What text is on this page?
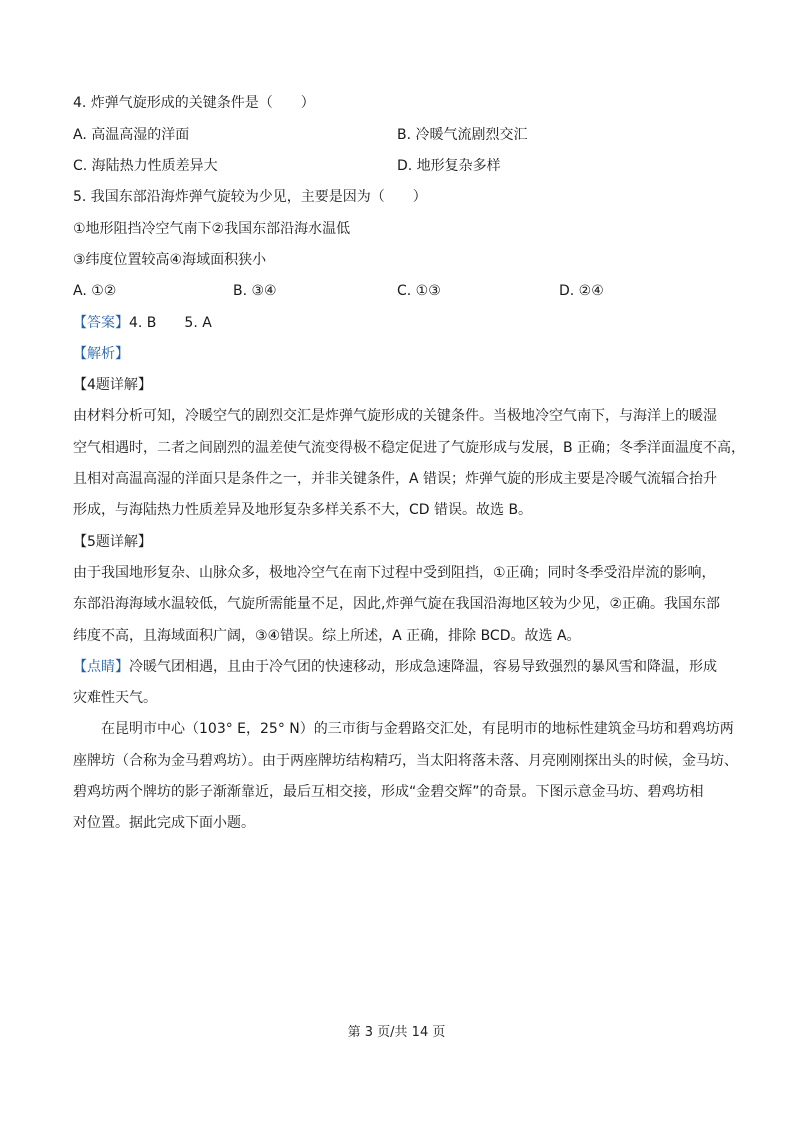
4. 炸弹气旋形成的关键条件是（　　）
A. 高温高湿的洋面	B. 冷暖气流剧烈交汇
C. 海陆热力性质差异大	D. 地形复杂多样
5. 我国东部沿海炸弹气旋较为少见，主要是因为（　　）
①地形阻挡冷空气南下②我国东部沿海水温低
③纬度位置较高④海域面积狭小
A. ①②	B. ③④	C. ①③	D. ②④
【答案】4. B　　5. A
【解析】
【4题详解】
由材料分析可知，冷暖空气的剧烈交汇是炸弹气旋形成的关键条件。当极地冷空气南下，与海洋上的暖湿
空气相遇时，二者之间剧烈的温差使气流变得极不稳定促进了气旋形成与发展，B 正确；冬季洋面温度不高，
且相对高温高湿的洋面只是条件之一，并非关键条件，A 错误；炸弹气旋的形成主要是冷暖气流辐合抬升
形成，与海陆热力性质差异及地形复杂多样关系不大，CD 错误。故选 B。
【5题详解】
由于我国地形复杂、山脉众多，极地冷空气在南下过程中受到阻挡，①正确；同时冬季受沿岸流的影响，
东部沿海海域水温较低，气旋所需能量不足，因此,炸弹气旋在我国沿海地区较为少见，②正确。我国东部
纬度不高，且海域面积广阔，③④错误。综上所述，A 正确，排除 BCD。故选 A。
【点睛】冷暖气团相遇，且由于冷气团的快速移动，形成急速降温，容易导致强烈的暴风雪和降温，形成
灾难性天气。
在昆明市中心（103° E，25° N）的三市街与金碧路交汇处，有昆明市的地标性建筑金马坊和碧鸡坊两
座牌坊（合称为金马碧鸡坊）。由于两座牌坊结构精巧，当太阳将落未落、月亮刚刚探出头的时候，金马坊、
碧鸡坊两个牌坊的影子渐渐靠近，最后互相交接，形成“金碧交辉”的奇景。下图示意金马坊、碧鸡坊相
对位置。据此完成下面小题。
第 3 页/共 14 页
